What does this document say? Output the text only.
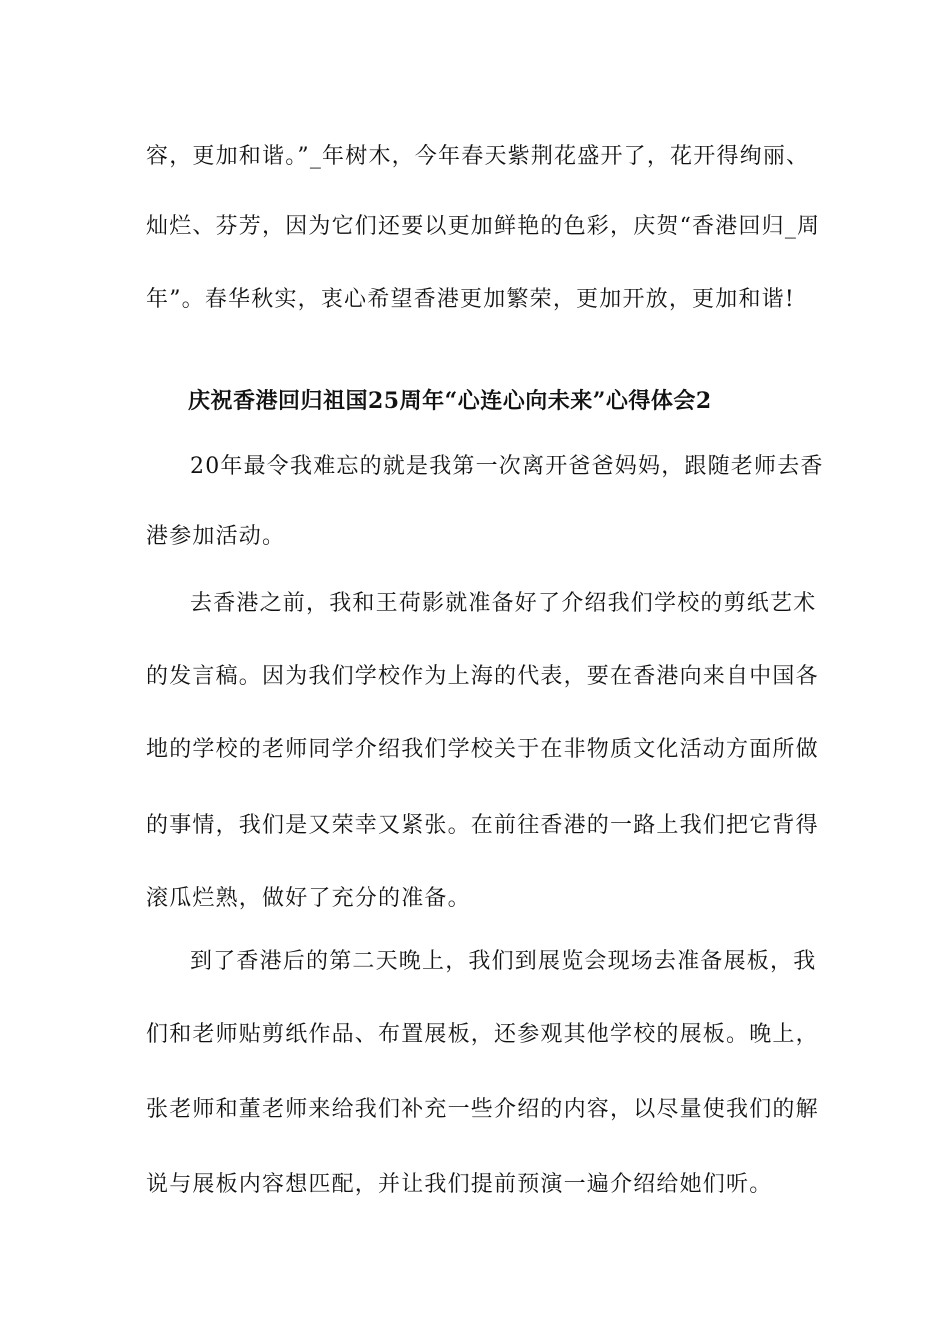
容，更加和谐。”_年树木，今年春天紫荆花盛开了，花开得绚丽、
灿烂、芬芳，因为它们还要以更加鲜艳的色彩，庆贺“香港回归_周
年”。春华秋实，衷心希望香港更加繁荣，更加开放，更加和谐!
庆祝香港回归祖国25周年“心连心向未来”心得体会2
20年最令我难忘的就是我第一次离开爸爸妈妈，跟随老师去香
港参加活动。
去香港之前，我和王荷影就准备好了介绍我们学校的剪纸艺术
的发言稿。因为我们学校作为上海的代表，要在香港向来自中国各
地的学校的老师同学介绍我们学校关于在非物质文化活动方面所做
的事情，我们是又荣幸又紧张。在前往香港的一路上我们把它背得
滚瓜烂熟，做好了充分的准备。
到了香港后的第二天晚上，我们到展览会现场去准备展板，我
们和老师贴剪纸作品、布置展板，还参观其他学校的展板。晚上，
张老师和董老师来给我们补充一些介绍的内容，以尽量使我们的解
说与展板内容想匹配，并让我们提前预演一遍介绍给她们听。
